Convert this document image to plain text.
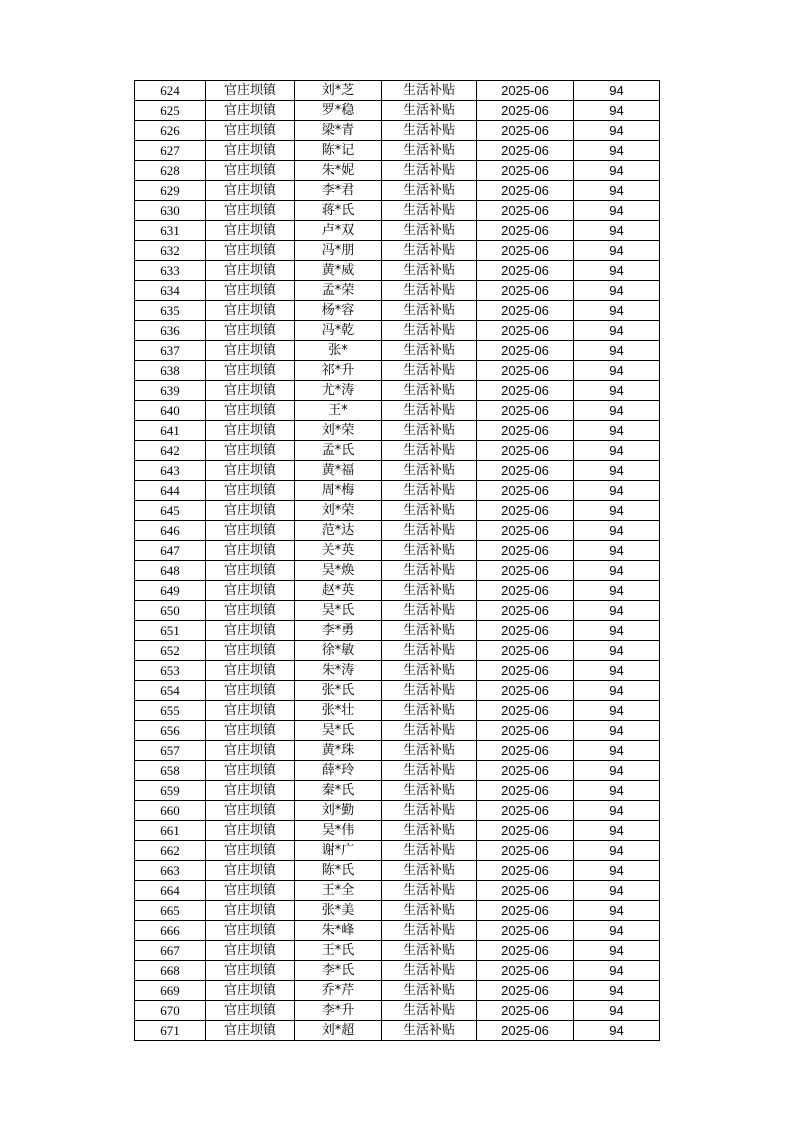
624	官庄坝镇	刘*芝	生活补贴	2025-06	94
625	官庄坝镇	罗*稳	生活补贴	2025-06	94
626	官庄坝镇	梁*青	生活补贴	2025-06	94
627	官庄坝镇	陈*记	生活补贴	2025-06	94
628	官庄坝镇	朱*妮	生活补贴	2025-06	94
629	官庄坝镇	李*君	生活补贴	2025-06	94
630	官庄坝镇	蒋*氏	生活补贴	2025-06	94
631	官庄坝镇	卢*双	生活补贴	2025-06	94
632	官庄坝镇	冯*朋	生活补贴	2025-06	94
633	官庄坝镇	黄*威	生活补贴	2025-06	94
634	官庄坝镇	孟*荣	生活补贴	2025-06	94
635	官庄坝镇	杨*容	生活补贴	2025-06	94
636	官庄坝镇	冯*乾	生活补贴	2025-06	94
637	官庄坝镇	张*	生活补贴	2025-06	94
638	官庄坝镇	祁*升	生活补贴	2025-06	94
639	官庄坝镇	尤*涛	生活补贴	2025-06	94
640	官庄坝镇	王*	生活补贴	2025-06	94
641	官庄坝镇	刘*荣	生活补贴	2025-06	94
642	官庄坝镇	孟*氏	生活补贴	2025-06	94
643	官庄坝镇	黄*福	生活补贴	2025-06	94
644	官庄坝镇	周*梅	生活补贴	2025-06	94
645	官庄坝镇	刘*荣	生活补贴	2025-06	94
646	官庄坝镇	范*达	生活补贴	2025-06	94
647	官庄坝镇	关*英	生活补贴	2025-06	94
648	官庄坝镇	吴*焕	生活补贴	2025-06	94
649	官庄坝镇	赵*英	生活补贴	2025-06	94
650	官庄坝镇	吴*氏	生活补贴	2025-06	94
651	官庄坝镇	李*勇	生活补贴	2025-06	94
652	官庄坝镇	徐*敏	生活补贴	2025-06	94
653	官庄坝镇	朱*涛	生活补贴	2025-06	94
654	官庄坝镇	张*氏	生活补贴	2025-06	94
655	官庄坝镇	张*壮	生活补贴	2025-06	94
656	官庄坝镇	吴*氏	生活补贴	2025-06	94
657	官庄坝镇	黄*珠	生活补贴	2025-06	94
658	官庄坝镇	薛*玲	生活补贴	2025-06	94
659	官庄坝镇	秦*氏	生活补贴	2025-06	94
660	官庄坝镇	刘*勤	生活补贴	2025-06	94
661	官庄坝镇	吴*伟	生活补贴	2025-06	94
662	官庄坝镇	谢*广	生活补贴	2025-06	94
663	官庄坝镇	陈*氏	生活补贴	2025-06	94
664	官庄坝镇	王*全	生活补贴	2025-06	94
665	官庄坝镇	张*美	生活补贴	2025-06	94
666	官庄坝镇	朱*峰	生活补贴	2025-06	94
667	官庄坝镇	王*氏	生活补贴	2025-06	94
668	官庄坝镇	李*氏	生活补贴	2025-06	94
669	官庄坝镇	乔*芹	生活补贴	2025-06	94
670	官庄坝镇	李*升	生活补贴	2025-06	94
671	官庄坝镇	刘*超	生活补贴	2025-06	94
